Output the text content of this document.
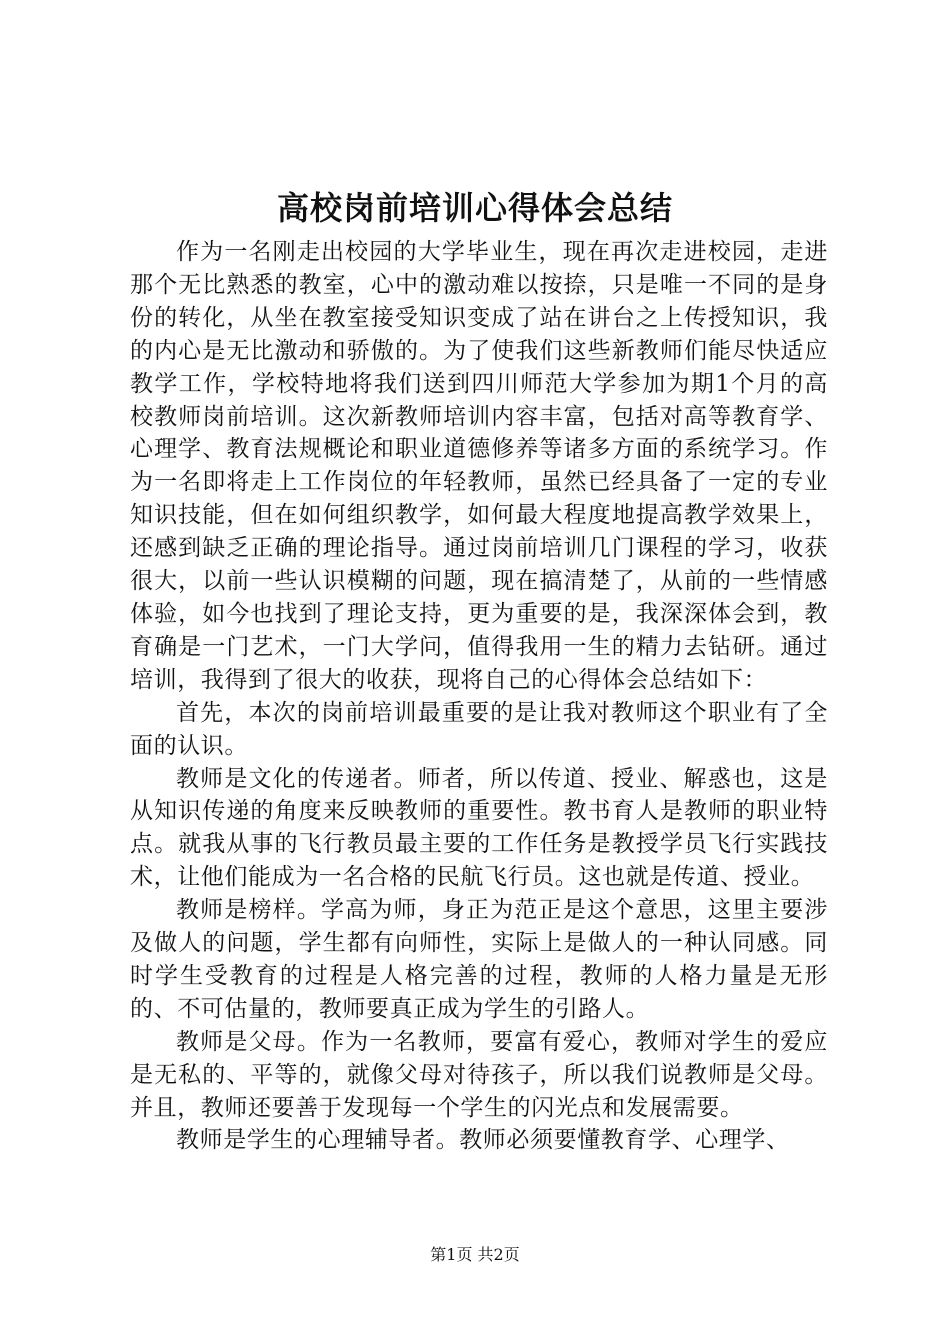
高校岗前培训心得体会总结

作为一名刚走出校园的大学毕业生，现在再次走进校园，走进那个无比熟悉的教室，心中的激动难以按捺，只是唯一不同的是身份的转化，从坐在教室接受知识变成了站在讲台之上传授知识，我的内心是无比激动和骄傲的。为了使我们这些新教师们能尽快适应教学工作，学校特地将我们送到四川师范大学参加为期1个月的高校教师岗前培训。这次新教师培训内容丰富，包括对高等教育学、心理学、教育法规概论和职业道德修养等诸多方面的系统学习。作为一名即将走上工作岗位的年轻教师，虽然已经具备了一定的专业知识技能，但在如何组织教学，如何最大程度地提高教学效果上，还感到缺乏正确的理论指导。通过岗前培训几门课程的学习，收获很大，以前一些认识模糊的问题，现在搞清楚了，从前的一些情感体验，如今也找到了理论支持，更为重要的是，我深深体会到，教育确是一门艺术，一门大学问，值得我用一生的精力去钻研。通过培训，我得到了很大的收获，现将自己的心得体会总结如下：

首先，本次的岗前培训最重要的是让我对教师这个职业有了全面的认识。

教师是文化的传递者。师者，所以传道、授业、解惑也，这是从知识传递的角度来反映教师的重要性。教书育人是教师的职业特点。就我从事的飞行教员最主要的工作任务是教授学员飞行实践技术，让他们能成为一名合格的民航飞行员。这也就是传道、授业。

教师是榜样。学高为师，身正为范正是这个意思，这里主要涉及做人的问题，学生都有向师性，实际上是做人的一种认同感。同时学生受教育的过程是人格完善的过程，教师的人格力量是无形的、不可估量的，教师要真正成为学生的引路人。

教师是父母。作为一名教师，要富有爱心，教师对学生的爱应是无私的、平等的，就像父母对待孩子，所以我们说教师是父母。并且，教师还要善于发现每一个学生的闪光点和发展需要。

教师是学生的心理辅导者。教师必须要懂教育学、心理学、

第1页 共2页
